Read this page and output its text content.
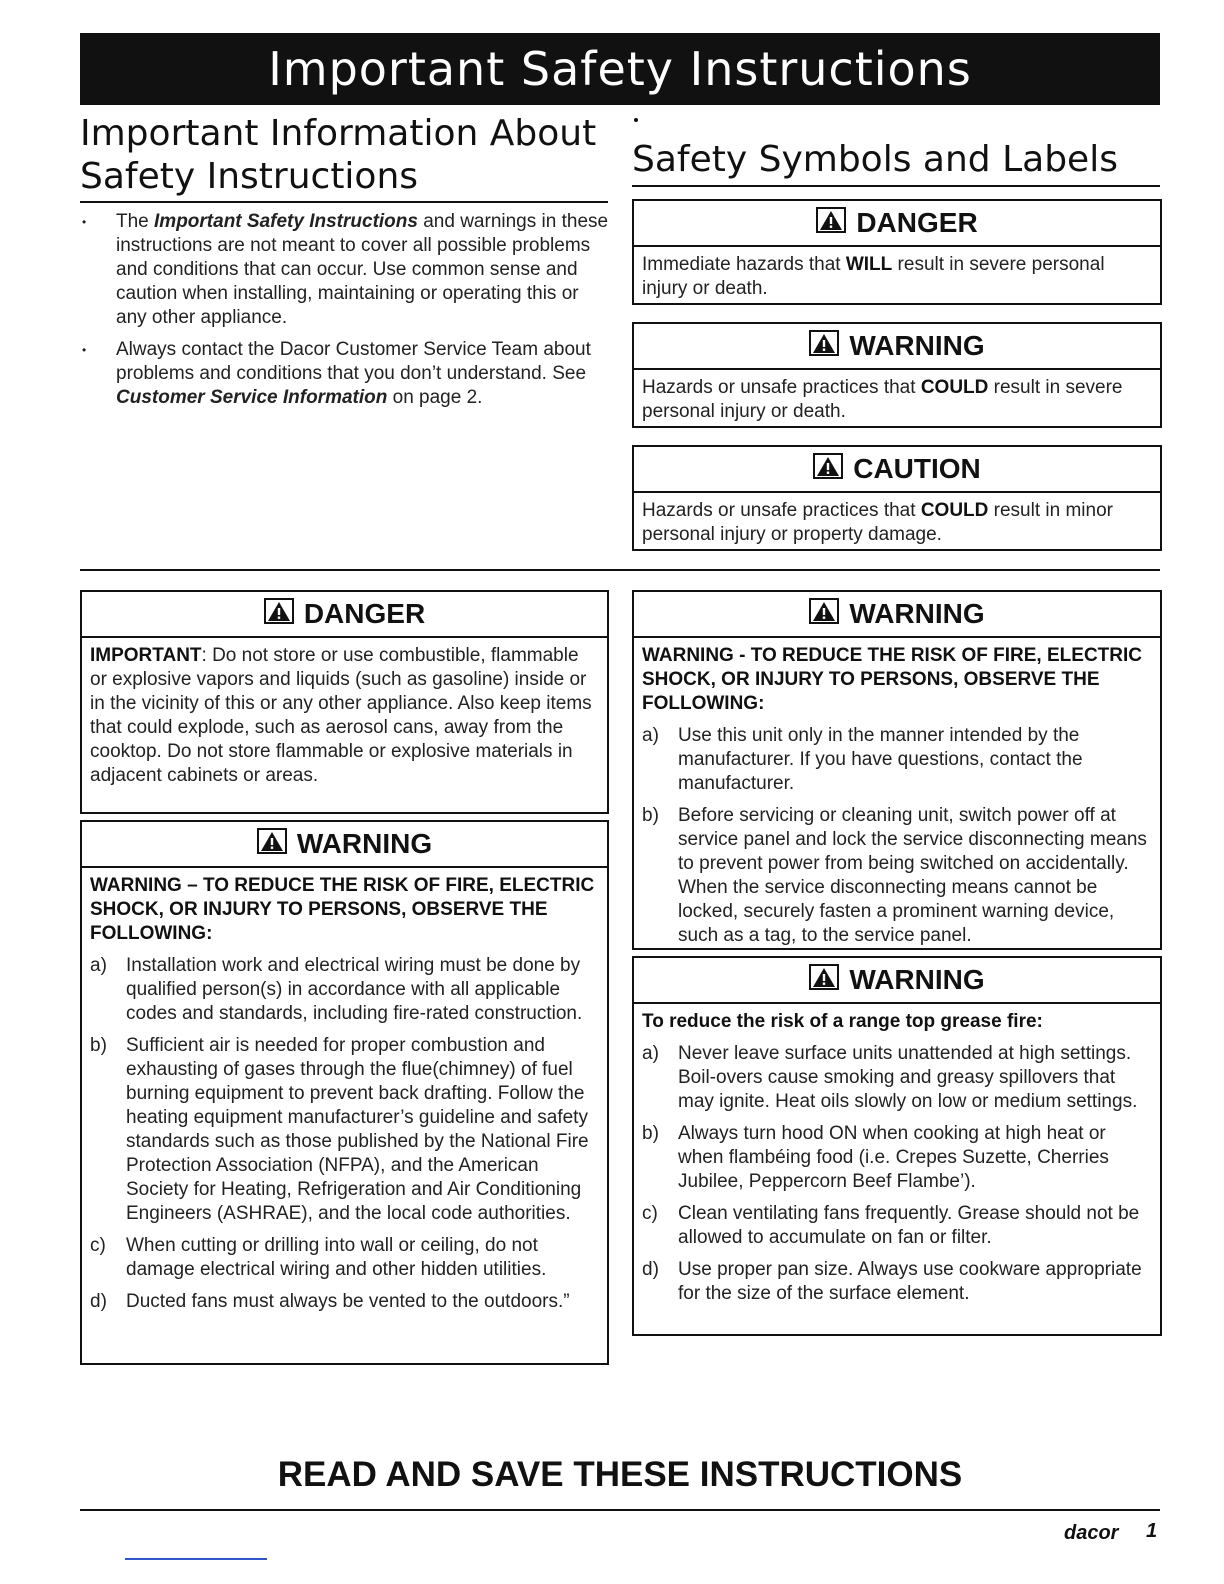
Important Safety Instructions
Important Information About
Safety Instructions	Safety Symbols and Labels
• The Important Safety Instructions and warnings in these instructions are not meant to cover all possible problems and conditions that can occur. Use common sense and caution when installing, maintaining or operating this or any other appliance.
• Always contact the Dacor Customer Service Team about problems and conditions that you don’t understand. See Customer Service Information on page 2.
DANGER
Immediate hazards that WILL result in severe personal injury or death.
WARNING
Hazards or unsafe practices that COULD result in severe personal injury or death.
CAUTION
Hazards or unsafe practices that COULD result in minor personal injury or property damage.
DANGER
IMPORTANT: Do not store or use combustible, flammable or explosive vapors and liquids (such as gasoline) inside or in the vicinity of this or any other appliance. Also keep items that could explode, such as aerosol cans, away from the cooktop. Do not store flammable or explosive materials in adjacent cabinets or areas.
WARNING
WARNING – TO REDUCE THE RISK OF FIRE, ELECTRIC SHOCK, OR INJURY TO PERSONS, OBSERVE THE FOLLOWING:
a)	Installation work and electrical wiring must be done by qualified person(s) in accordance with all applicable codes and standards, including fire-rated construction.
b)	Sufficient air is needed for proper combustion and exhausting of gases through the flue(chimney) of fuel burning equipment to prevent back drafting. Follow the heating equipment manufacturer’s guideline and safety standards such as those published by the National Fire Protection Association (NFPA), and the American Society for Heating, Refrigeration and Air Conditioning Engineers (ASHRAE), and the local code authorities.
c)	When cutting or drilling into wall or ceiling, do not damage electrical wiring and other hidden utilities.
d)	Ducted fans must always be vented to the outdoors.”
WARNING
WARNING - TO REDUCE THE RISK OF FIRE, ELECTRIC SHOCK, OR INJURY TO PERSONS, OBSERVE THE FOLLOWING:
a)	Use this unit only in the manner intended by the manufacturer. If you have questions, contact the manufacturer.
b)	Before servicing or cleaning unit, switch power off at service panel and lock the service disconnecting means to prevent power from being switched on accidentally. When the service disconnecting means cannot be locked, securely fasten a prominent warning device, such as a tag, to the service panel.
WARNING
To reduce the risk of a range top grease fire:
a)	Never leave surface units unattended at high settings. Boil-overs cause smoking and greasy spillovers that may ignite. Heat oils slowly on low or medium settings.
b)	Always turn hood ON when cooking at high heat or when flambéing food (i.e. Crepes Suzette, Cherries Jubilee, Peppercorn Beef Flambe’).
c)	Clean ventilating fans frequently. Grease should not be allowed to accumulate on fan or filter.
d)	Use proper pan size. Always use cookware appropriate for the size of the surface element.
READ AND SAVE THESE INSTRUCTIONS
dacor 1
